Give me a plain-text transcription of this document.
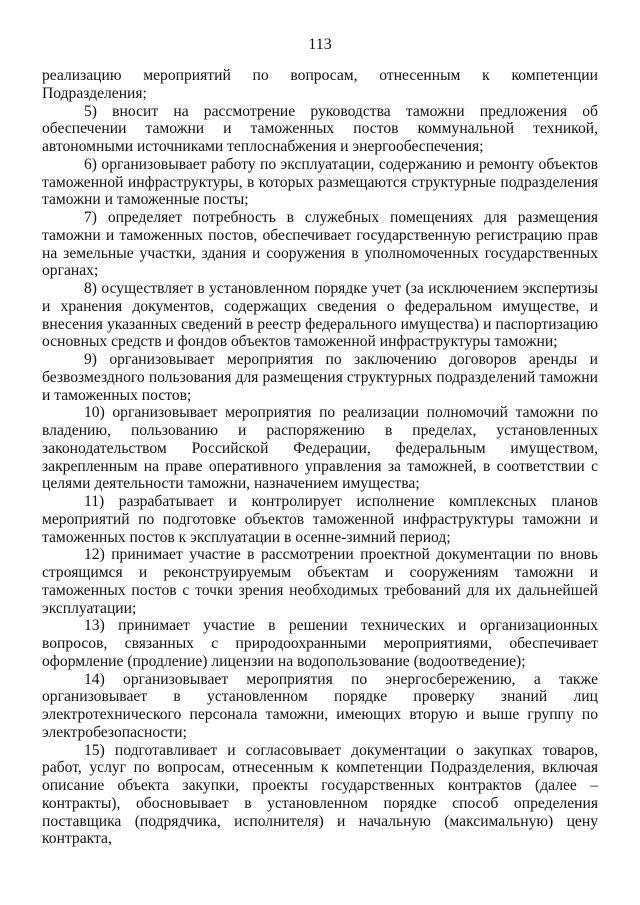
113

реализацию мероприятий по вопросам, отнесенным к компетенции Подразделения;

5) вносит на рассмотрение руководства таможни предложения об обеспечении таможни и таможенных постов коммунальной техникой, автономными источниками теплоснабжения и энергообеспечения;

6) организовывает работу по эксплуатации, содержанию и ремонту объектов таможенной инфраструктуры, в которых размещаются структурные подразделения таможни и таможенные посты;

7) определяет потребность в служебных помещениях для размещения таможни и таможенных постов, обеспечивает государственную регистрацию прав на земельные участки, здания и сооружения в уполномоченных государственных органах;

8) осуществляет в установленном порядке учет (за исключением экспертизы и хранения документов, содержащих сведения о федеральном имуществе, и внесения указанных сведений в реестр федерального имущества) и паспортизацию основных средств и фондов объектов таможенной инфраструктуры таможни;

9) организовывает мероприятия по заключению договоров аренды и безвозмездного пользования для размещения структурных подразделений таможни и таможенных постов;

10) организовывает мероприятия по реализации полномочий таможни по владению, пользованию и распоряжению в пределах, установленных законодательством Российской Федерации, федеральным имуществом, закрепленным на праве оперативного управления за таможней, в соответствии с целями деятельности таможни, назначением имущества;

11) разрабатывает и контролирует исполнение комплексных планов мероприятий по подготовке объектов таможенной инфраструктуры таможни и таможенных постов к эксплуатации в осенне-зимний период;

12) принимает участие в рассмотрении проектной документации по вновь строящимся и реконструируемым объектам и сооружениям таможни и таможенных постов с точки зрения необходимых требований для их дальнейшей эксплуатации;

13) принимает участие в решении технических и организационных вопросов, связанных с природоохранными мероприятиями, обеспечивает оформление (продление) лицензии на водопользование (водоотведение);

14) организовывает мероприятия по энергосбережению, а также организовывает в установленном порядке проверку знаний лиц электротехнического персонала таможни, имеющих вторую и выше группу по электробезопасности;

15) подготавливает и согласовывает документации о закупках товаров, работ, услуг по вопросам, отнесенным к компетенции Подразделения, включая описание объекта закупки, проекты государственных контрактов (далее – контракты), обосновывает в установленном порядке способ определения поставщика (подрядчика, исполнителя) и начальную (максимальную) цену контракта,
